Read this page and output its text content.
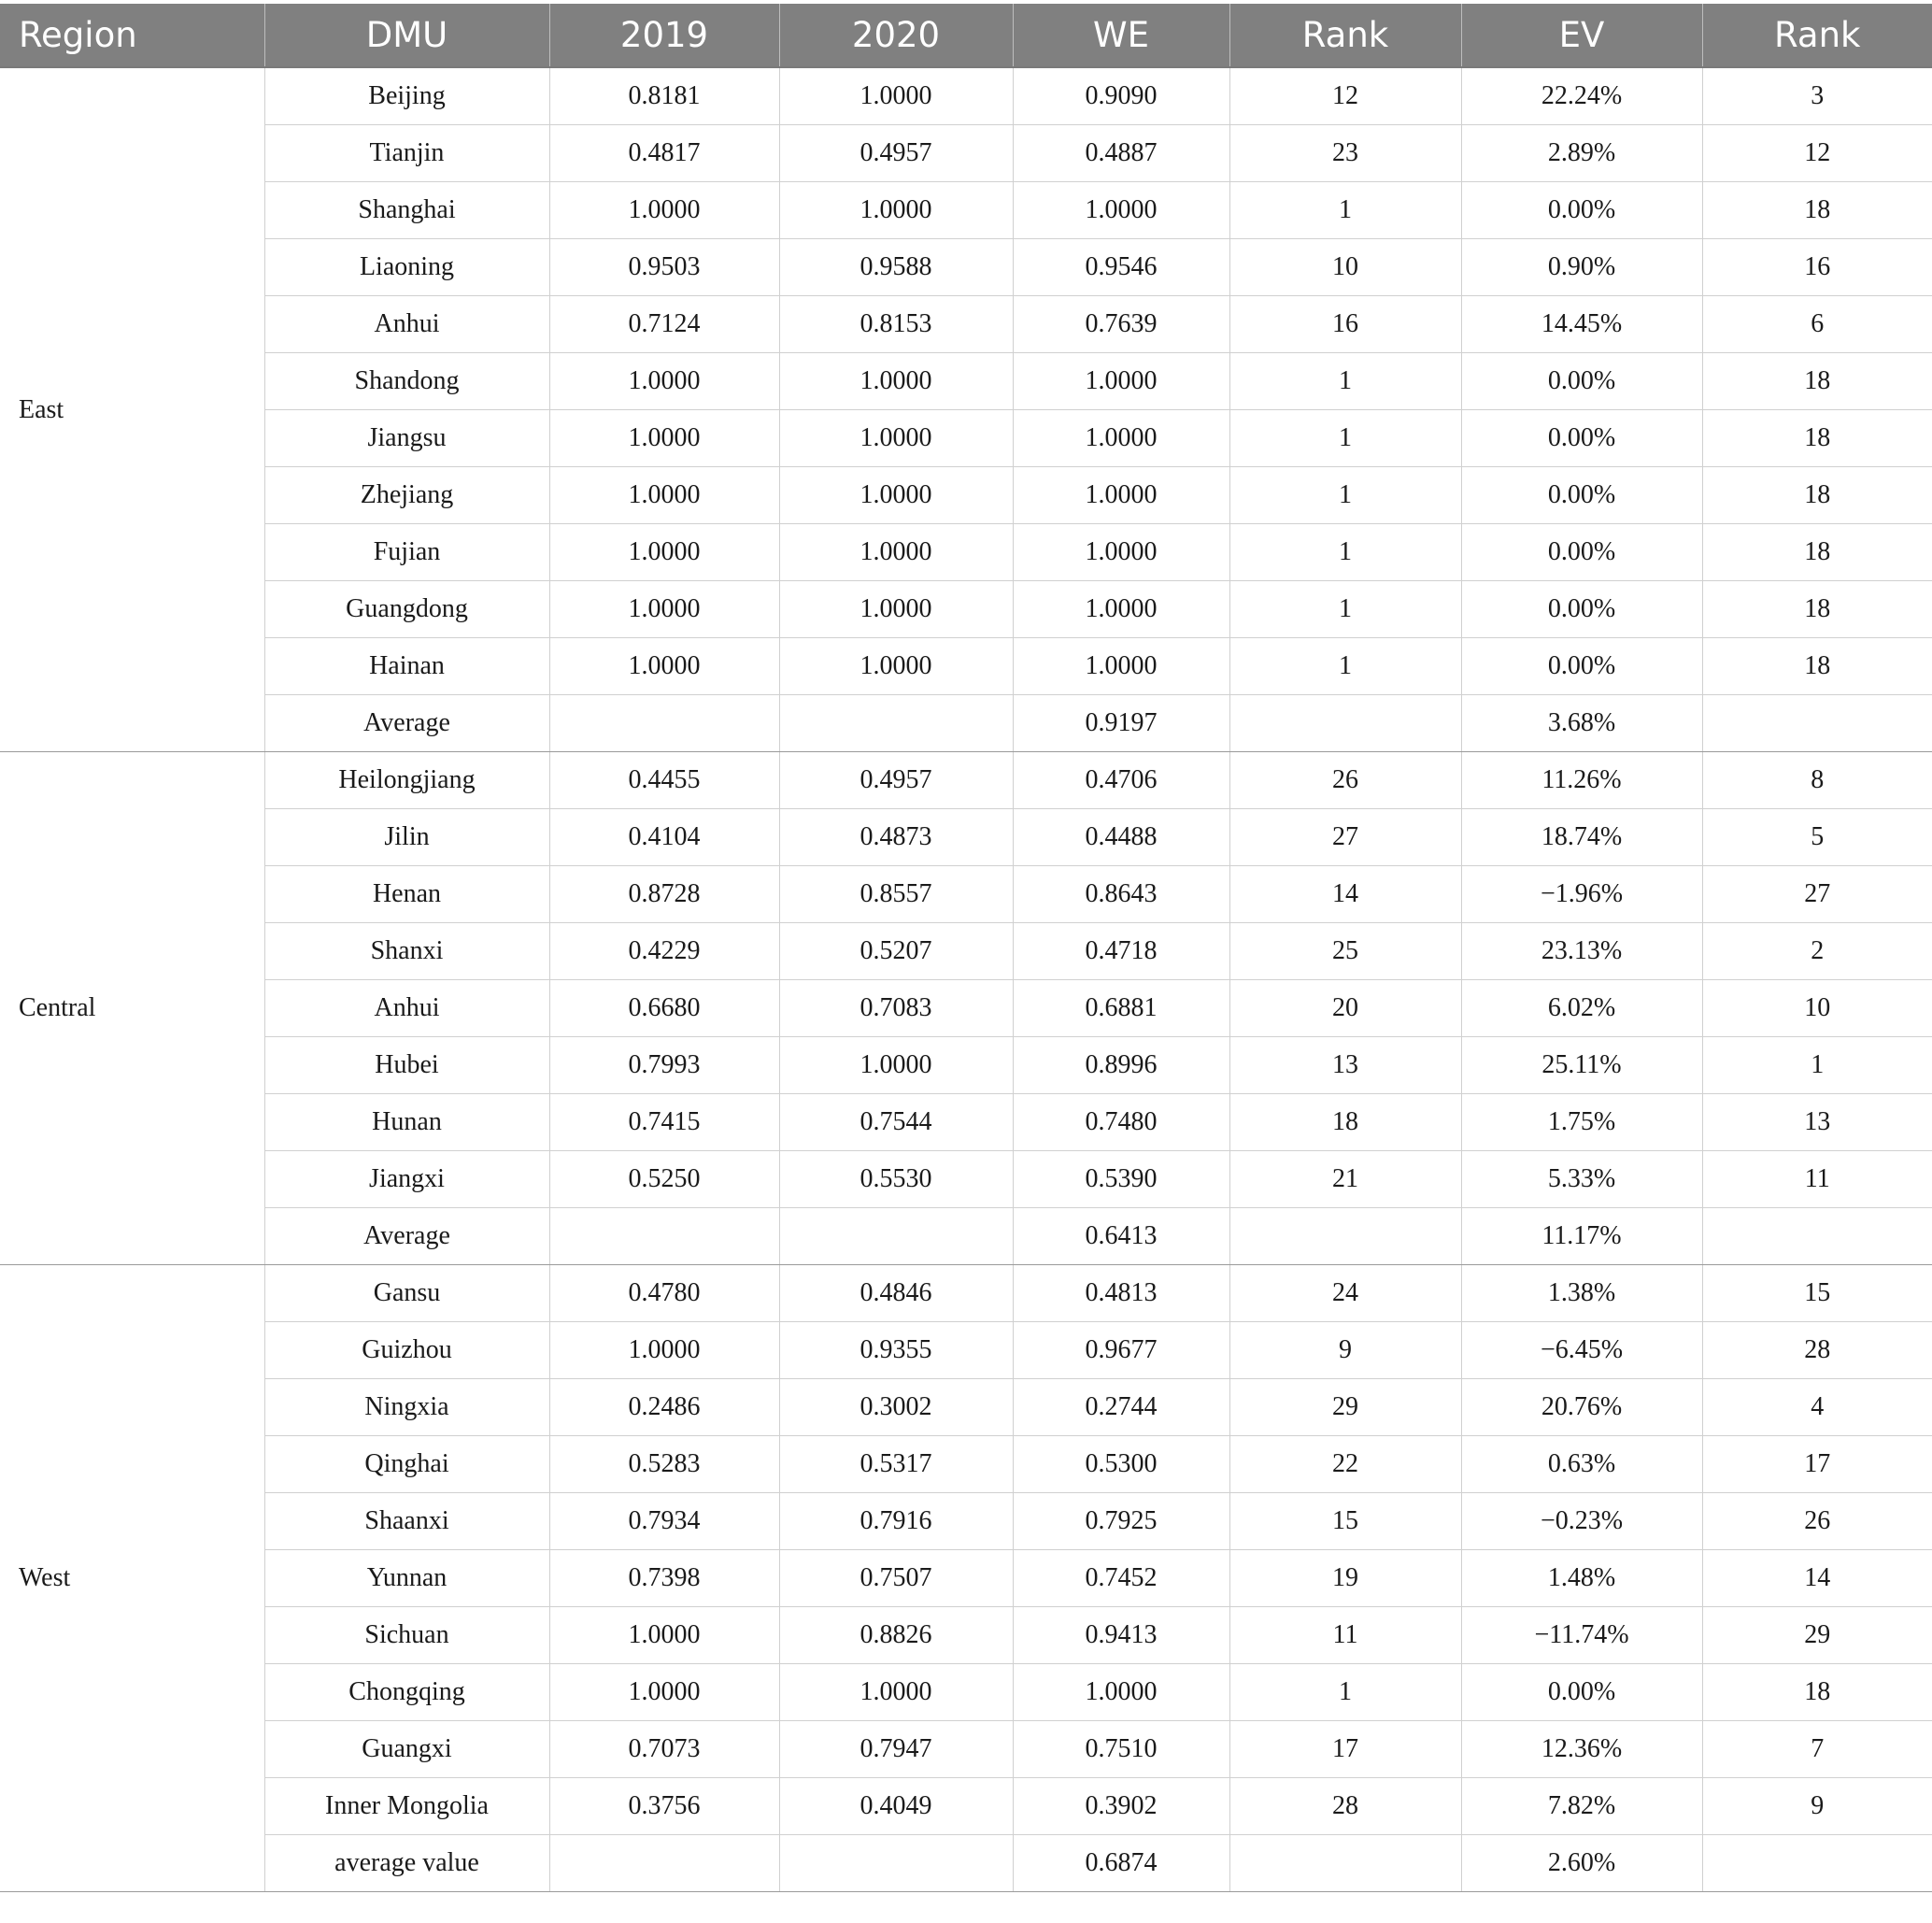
Region	DMU	2019	2020	WE	Rank	EV	Rank
East	Beijing	0.8181	1.0000	0.9090	12	22.24%	3
	Tianjin	0.4817	0.4957	0.4887	23	2.89%	12
	Shanghai	1.0000	1.0000	1.0000	1	0.00%	18
	Liaoning	0.9503	0.9588	0.9546	10	0.90%	16
	Anhui	0.7124	0.8153	0.7639	16	14.45%	6
	Shandong	1.0000	1.0000	1.0000	1	0.00%	18
	Jiangsu	1.0000	1.0000	1.0000	1	0.00%	18
	Zhejiang	1.0000	1.0000	1.0000	1	0.00%	18
	Fujian	1.0000	1.0000	1.0000	1	0.00%	18
	Guangdong	1.0000	1.0000	1.0000	1	0.00%	18
	Hainan	1.0000	1.0000	1.0000	1	0.00%	18
	Average			0.9197		3.68%	
Central	Heilongjiang	0.4455	0.4957	0.4706	26	11.26%	8
	Jilin	0.4104	0.4873	0.4488	27	18.74%	5
	Henan	0.8728	0.8557	0.8643	14	−1.96%	27
	Shanxi	0.4229	0.5207	0.4718	25	23.13%	2
	Anhui	0.6680	0.7083	0.6881	20	6.02%	10
	Hubei	0.7993	1.0000	0.8996	13	25.11%	1
	Hunan	0.7415	0.7544	0.7480	18	1.75%	13
	Jiangxi	0.5250	0.5530	0.5390	21	5.33%	11
	Average			0.6413		11.17%	
West	Gansu	0.4780	0.4846	0.4813	24	1.38%	15
	Guizhou	1.0000	0.9355	0.9677	9	−6.45%	28
	Ningxia	0.2486	0.3002	0.2744	29	20.76%	4
	Qinghai	0.5283	0.5317	0.5300	22	0.63%	17
	Shaanxi	0.7934	0.7916	0.7925	15	−0.23%	26
	Yunnan	0.7398	0.7507	0.7452	19	1.48%	14
	Sichuan	1.0000	0.8826	0.9413	11	−11.74%	29
	Chongqing	1.0000	1.0000	1.0000	1	0.00%	18
	Guangxi	0.7073	0.7947	0.7510	17	12.36%	7
	Inner Mongolia	0.3756	0.4049	0.3902	28	7.82%	9
	average value			0.6874		2.60%	
